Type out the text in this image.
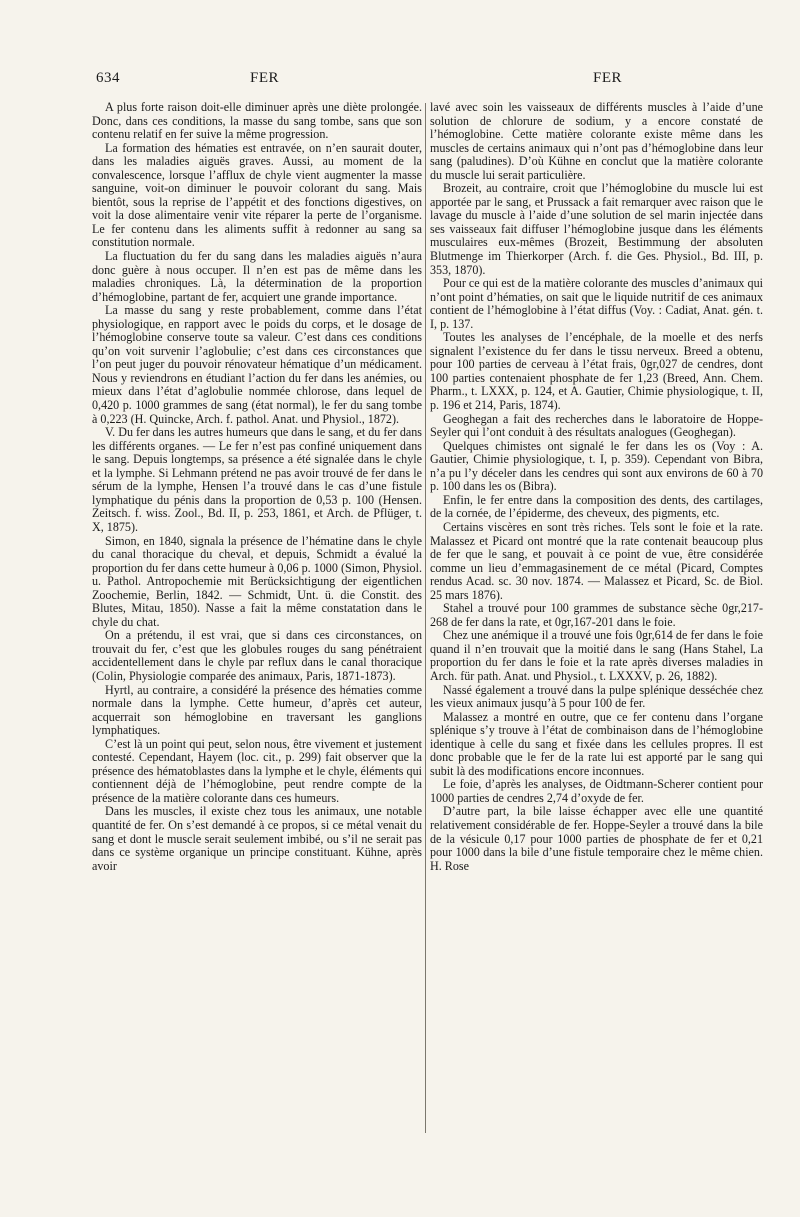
634	FER	FER

A plus forte raison doit-elle diminuer après une diète prolongée. Donc, dans ces conditions, la masse du sang tombe, sans que son contenu relatif en fer suive la même progression.

La formation des hématies est entravée, on n’en saurait douter, dans les maladies aiguës graves. Aussi, au moment de la convalescence, lorsque l’afflux de chyle vient augmenter la masse sanguine, voit-on diminuer le pouvoir colorant du sang. Mais bientôt, sous la reprise de l’appétit et des fonctions digestives, on voit la dose alimentaire venir vite réparer la perte de l’organisme. Le fer contenu dans les aliments suffit à redonner au sang sa constitution normale.

La fluctuation du fer du sang dans les maladies aiguës n’aura donc guère à nous occuper. Il n’en est pas de même dans les maladies chroniques. Là, la détermination de la proportion d’hémoglobine, partant de fer, acquiert une grande importance.

La masse du sang y reste probablement, comme dans l’état physiologique, en rapport avec le poids du corps, et le dosage de l’hémoglobine conserve toute sa valeur. C’est dans ces conditions qu’on voit survenir l’aglobulie; c’est dans ces circonstances que l’on peut juger du pouvoir rénovateur hématique d’un médicament. Nous y reviendrons en étudiant l’action du fer dans les anémies, ou mieux dans l’état d’aglobulie nommée chlorose, dans lequel de 0,420 p. 1000 grammes de sang (état normal), le fer du sang tombe à 0,223 (H. Quincke, Arch. f. pathol. Anat. und Physiol., 1872).

V. Du fer dans les autres humeurs que dans le sang, et du fer dans les différents organes. — Le fer n’est pas confiné uniquement dans le sang. Depuis longtemps, sa présence a été signalée dans le chyle et la lymphe. Si Lehmann prétend ne pas avoir trouvé de fer dans le sérum de la lymphe, Hensen l’a trouvé dans le cas d’une fistule lymphatique du pénis dans la proportion de 0,53 p. 100 (Hensen. Zeitsch. f. wiss. Zool., Bd. II, p. 253, 1861, et Arch. de Pflüger, t. X, 1875).

Simon, en 1840, signala la présence de l’hématine dans le chyle du canal thoracique du cheval, et depuis, Schmidt a évalué la proportion du fer dans cette humeur à 0,06 p. 1000 (Simon, Physiol. u. Pathol. Antropochemie mit Berücksichtigung der eigentlichen Zoochemie, Berlin, 1842. — Schmidt, Unt. ü. die Constit. des Blutes, Mitau, 1850). Nasse a fait la même constatation dans le chyle du chat.

On a prétendu, il est vrai, que si dans ces circonstances, on trouvait du fer, c’est que les globules rouges du sang pénétraient accidentellement dans le chyle par reflux dans le canal thoracique (Colin, Physiologie comparée des animaux, Paris, 1871-1873).

Hyrtl, au contraire, a considéré la présence des hématies comme normale dans la lymphe. Cette humeur, d’après cet auteur, acquerrait son hémoglobine en traversant les ganglions lymphatiques.

C’est là un point qui peut, selon nous, être vivement et justement contesté. Cependant, Hayem (loc. cit., p. 299) fait observer que la présence des hématoblastes dans la lymphe et le chyle, éléments qui contiennent déjà de l’hémoglobine, peut rendre compte de la présence de la matière colorante dans ces humeurs.

Dans les muscles, il existe chez tous les animaux, une notable quantité de fer. On s’est demandé à ce propos, si ce métal venait du sang et dont le muscle serait seulement imbibé, ou s’il ne serait pas dans ce système organique un principe constituant. Kühne, après avoir

lavé avec soin les vaisseaux de différents muscles à l’aide d’une solution de chlorure de sodium, y a encore constaté de l’hémoglobine. Cette matière colorante existe même dans les muscles de certains animaux qui n’ont pas d’hémoglobine dans leur sang (paludines). D’où Kühne en conclut que la matière colorante du muscle lui serait particulière.

Brozeit, au contraire, croit que l’hémoglobine du muscle lui est apportée par le sang, et Prussack a fait remarquer avec raison que le lavage du muscle à l’aide d’une solution de sel marin injectée dans ses vaisseaux fait diffuser l’hémoglobine jusque dans les éléments musculaires eux-mêmes (Brozeit, Bestimmung der absoluten Blutmenge im Thierkorper (Arch. f. die Ges. Physiol., Bd. III, p. 353, 1870).

Pour ce qui est de la matière colorante des muscles d’animaux qui n’ont point d’hématies, on sait que le liquide nutritif de ces animaux contient de l’hémoglobine à l’état diffus (Voy. : Cadiat, Anat. gén. t. I, p. 137.

Toutes les analyses de l’encéphale, de la moelle et des nerfs signalent l’existence du fer dans le tissu nerveux. Breed a obtenu, pour 100 parties de cerveau à l’état frais, 0gr,027 de cendres, dont 100 parties contenaient phosphate de fer 1,23 (Breed, Ann. Chem. Pharm., t. LXXX, p. 124, et A. Gautier, Chimie physiologique, t. II, p. 196 et 214, Paris, 1874).

Geoghegan a fait des recherches dans le laboratoire de Hoppe-Seyler qui l’ont conduit à des résultats analogues (Geoghegan).

Quelques chimistes ont signalé le fer dans les os (Voy : A. Gautier, Chimie physiologique, t. I, p. 359). Cependant von Bibra, n’a pu l’y déceler dans les cendres qui sont aux environs de 60 à 70 p. 100 dans les os (Bibra).

Enfin, le fer entre dans la composition des dents, des cartilages, de la cornée, de l’épiderme, des cheveux, des pigments, etc.

Certains viscères en sont très riches. Tels sont le foie et la rate. Malassez et Picard ont montré que la rate contenait beaucoup plus de fer que le sang, et pouvait à ce point de vue, être considérée comme un lieu d’emmagasinement de ce métal (Picard, Comptes rendus Acad. sc. 30 nov. 1874. — Malassez et Picard, Sc. de Biol. 25 mars 1876).

Stahel a trouvé pour 100 grammes de substance sèche 0gr,217-268 de fer dans la rate, et 0gr,167-201 dans le foie.

Chez une anémique il a trouvé une fois 0gr,614 de fer dans le foie quand il n’en trouvait que la moitié dans le sang (Hans Stahel, La proportion du fer dans le foie et la rate après diverses maladies in Arch. für path. Anat. und Physiol., t. LXXXV, p. 26, 1882).

Nassé également a trouvé dans la pulpe splénique desséchée chez les vieux animaux jusqu’à 5 pour 100 de fer.

Malassez a montré en outre, que ce fer contenu dans l’organe splénique s’y trouve à l’état de combinaison dans de l’hémoglobine identique à celle du sang et fixée dans les cellules propres. Il est donc probable que le fer de la rate lui est apporté par le sang qui subit là des modifications encore inconnues.

Le foie, d’après les analyses, de Oidtmann-Scherer contient pour 1000 parties de cendres 2,74 d’oxyde de fer.

D’autre part, la bile laisse échapper avec elle une quantité relativement considérable de fer. Hoppe-Seyler a trouvé dans la bile de la vésicule 0,17 pour 1000 parties de phosphate de fer et 0,21 pour 1000 dans la bile d’une fistule temporaire chez le même chien. H. Rose
